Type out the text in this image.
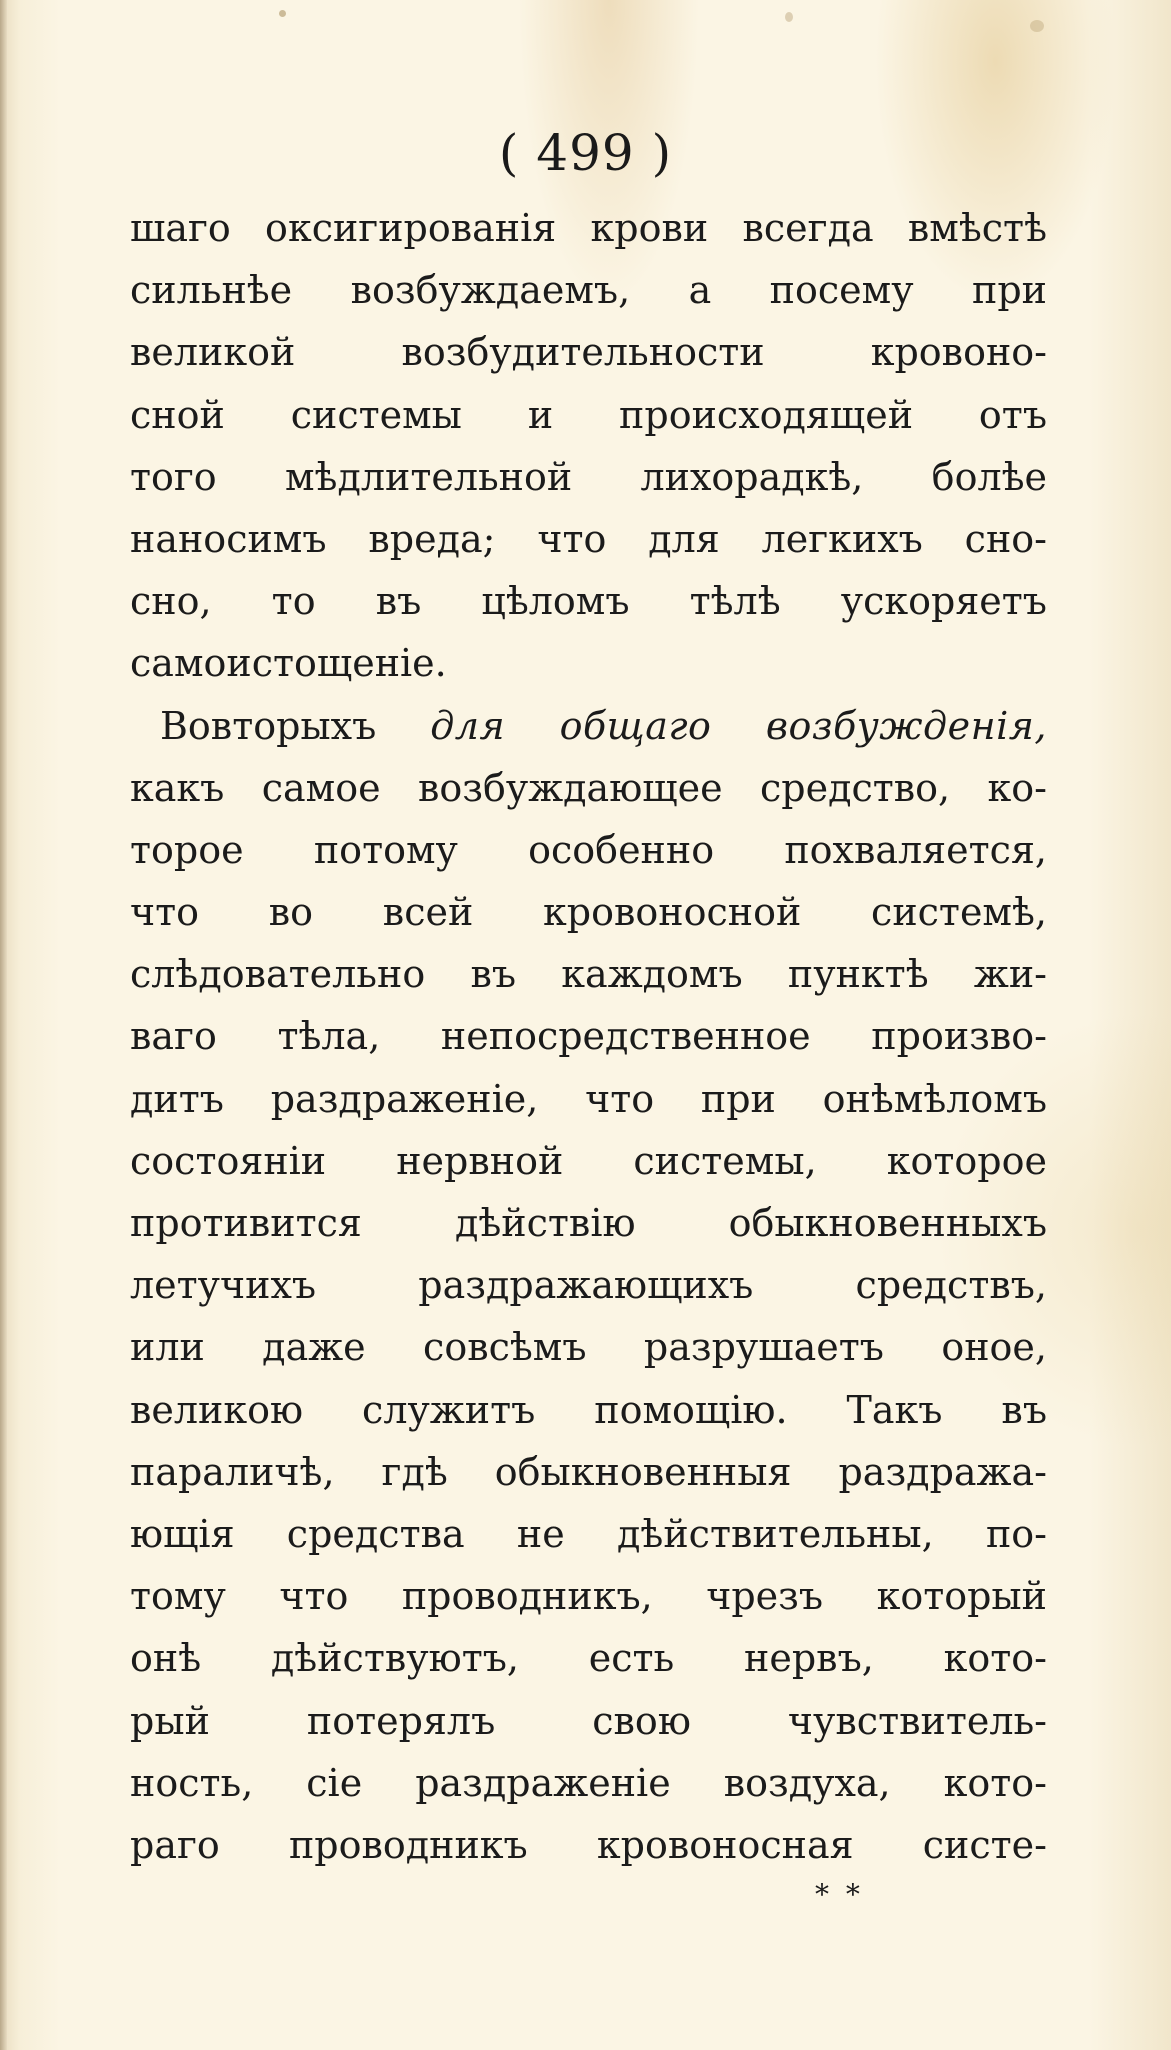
( 499 )
шаго оксигированія крови всегда вмѣстѣ
сильнѣе возбуждаемъ, а посему при
великой возбудительности кровоно-
сной системы и происходящей отъ
того мѣдлительной лихорадкѣ, болѣе
наносимъ вреда; что для легкихъ сно-
сно, то въ цѣломъ тѣлѣ ускоряетъ
самоистощеніе.
Вовторыхъ для общаго возбужденія,
какъ самое возбуждающее средство, ко-
торое потому особенно похваляется,
что во всей кровоносной системѣ,
слѣдовательно въ каждомъ пунктѣ жи-
ваго тѣла, непосредственное произво-
дитъ раздраженіе, что при онѣмѣломъ
состояніи нервной системы, которое
противится дѣйствію обыкновенныхъ
летучихъ раздражающихъ средствъ,
или даже совсѣмъ разрушаетъ оное,
великою служитъ помощію. Такъ въ
параличѣ, гдѣ обыкновенныя раздража-
ющія средства не дѣйствительны, по-
тому что проводникъ, чрезъ который
онѣ дѣйствуютъ, есть нервъ, кото-
рый потерялъ свою чувствитель-
ность, сіе раздраженіе воздуха, кото-
раго проводникъ кровоносная систе-
* *
